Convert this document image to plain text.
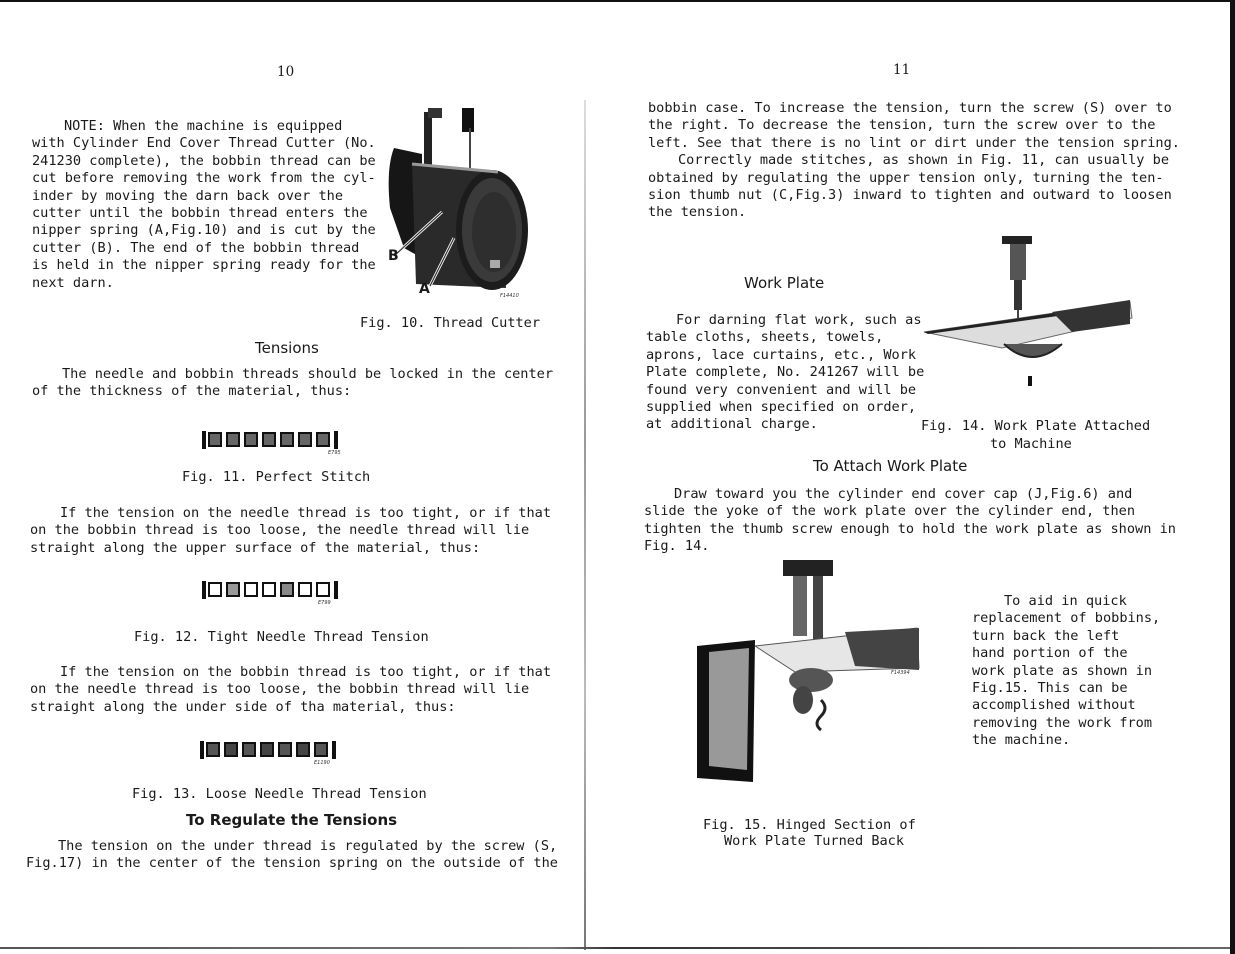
10
NOTE: When the machine is equipped
with Cylinder End Cover Thread Cutter (No.
241230 complete), the bobbin thread can be
cut before removing the work from the cyl-
inder by moving the darn back over the
cutter until the bobbin thread enters the
nipper spring (A,Fig.10) and is cut by the
cutter (B). The end of the bobbin thread
is held in the nipper spring ready for the
next darn.
B
A	F14410
Fig. 10. Thread Cutter
Tensions
The needle and bobbin threads should be locked in the center
of the thickness of the material, thus:
E795
Fig. 11. Perfect Stitch
If the tension on the needle thread is too tight, or if that
on the bobbin thread is too loose, the needle thread will lie
straight along the upper surface of the material, thus:
E799
Fig. 12. Tight Needle Thread Tension
If the tension on the bobbin thread is too tight, or if that
on the needle thread is too loose, the bobbin thread will lie
straight along the under side of tha material, thus:
E1190
Fig. 13. Loose Needle Thread Tension
To Regulate the Tensions
The tension on the under thread is regulated by the screw (S,
Fig.17) in the center of the tension spring on the outside of the
11
bobbin case. To increase the tension, turn the screw (S) over to
the right. To decrease the tension, turn the screw over to the
left. See that there is no lint or dirt under the tension spring.
Correctly made stitches, as shown in Fig. 11, can usually be
obtained by regulating the upper tension only, turning the ten-
sion thumb nut (C,Fig.3) inward to tighten and outward to loosen
the tension.
Work Plate
For darning flat work, such as
table cloths, sheets, towels,
aprons, lace curtains, etc., Work
Plate complete, No. 241267 will be
found very convenient and will be
supplied when specified on order,
at additional charge.	Fig. 14. Work Plate Attached
to Machine
To Attach Work Plate
Draw toward you the cylinder end cover cap (J,Fig.6) and
slide the yoke of the work plate over the cylinder end, then
tighten the thumb screw enough to hold the work plate as shown in
Fig. 14.
F14394
Fig. 15. Hinged Section of
Work Plate Turned Back
To aid in quick
replacement of bobbins,
turn back the left
hand portion of the
work plate as shown in
Fig.15. This can be
accomplished without
removing the work from
the machine.
